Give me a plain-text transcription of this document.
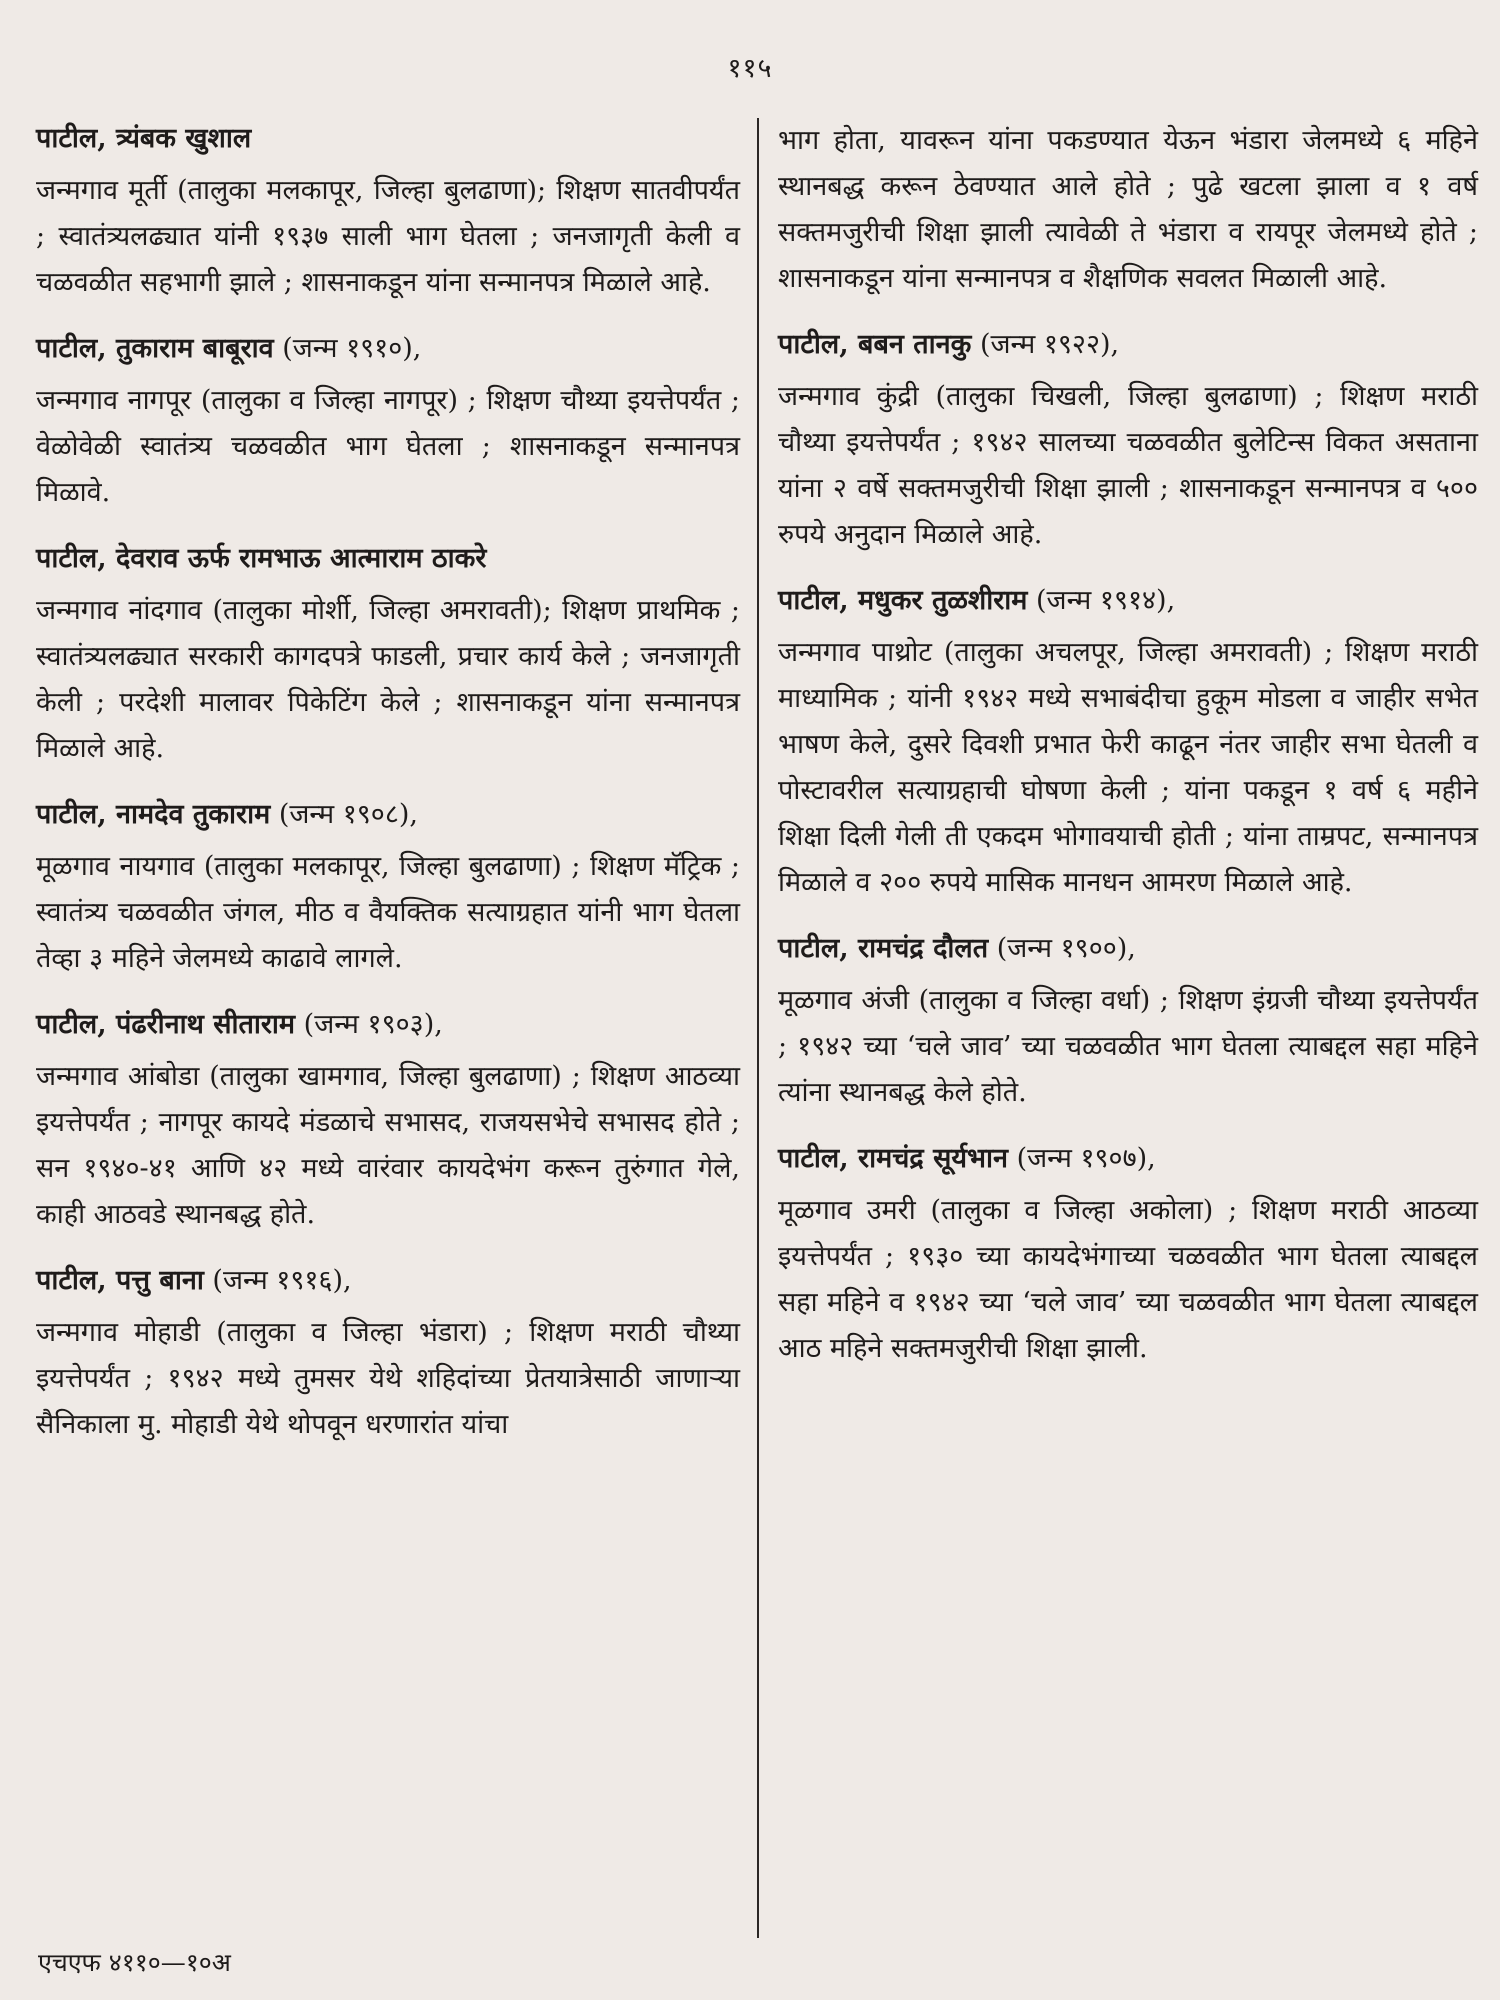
११५
पाटील, त्र्यंबक खुशाल
जन्मगाव मूर्ती (तालुका मलकापूर, जिल्हा बुलढाणा); शिक्षण सातवीपर्यंत ; स्वातंत्र्यलढ्यात यांनी १९३७ साली भाग घेतला ; जनजागृती केली व चळवळीत सहभागी झाले ; शासनाकडून यांना सन्मानपत्र मिळाले आहे.
पाटील, तुकाराम बाबूराव (जन्म १९१०),
जन्मगाव नागपूर (तालुका व जिल्हा नागपूर) ; शिक्षण चौथ्या इयत्तेपर्यंत ; वेळोवेळी स्वातंत्र्य चळवळीत भाग घेतला ; शासनाकडून सन्मानपत्र मिळावे.
पाटील, देवराव ऊर्फ रामभाऊ आत्माराम ठाकरे
जन्मगाव नांदगाव (तालुका मोर्शी, जिल्हा अमरावती); शिक्षण प्राथमिक ; स्वातंत्र्यलढ्यात सरकारी कागदपत्रे फाडली, प्रचार कार्य केले ; जनजागृती केली ; परदेशी मालावर पिकेटिंग केले ; शासनाकडून यांना सन्मानपत्र मिळाले आहे.
पाटील, नामदेव तुकाराम (जन्म १९०८),
मूळगाव नायगाव (तालुका मलकापूर, जिल्हा बुलढाणा) ; शिक्षण मॅट्रिक ; स्वातंत्र्य चळवळीत जंगल, मीठ व वैयक्तिक सत्याग्रहात यांनी भाग घेतला तेव्हा ३ महिने जेलमध्ये काढावे लागले.
पाटील, पंढरीनाथ सीताराम (जन्म १९०३),
जन्मगाव आंबोडा (तालुका खामगाव, जिल्हा बुलढाणा) ; शिक्षण आठव्या इयत्तेपर्यंत ; नागपूर कायदे मंडळाचे सभासद, राजयसभेचे सभासद होते ; सन १९४०-४१ आणि ४२ मध्ये वारंवार कायदेभंग करून तुरुंगात गेले, काही आठवडे स्थानबद्ध होते.
पाटील, पत्तु बाना (जन्म १९१६),
जन्मगाव मोहाडी (तालुका व जिल्हा भंडारा) ; शिक्षण मराठी चौथ्या इयत्तेपर्यंत ; १९४२ मध्ये तुमसर येथे शहिदांच्या प्रेतयात्रेसाठी जाणाऱ्या सैनिकाला मु. मोहाडी येथे थोपवून धरणारांत यांचा
भाग होता, यावरून यांना पकडण्यात येऊन भंडारा जेलमध्ये ६ महिने स्थानबद्ध करून ठेवण्यात आले होते ; पुढे खटला झाला व १ वर्ष सक्तमजुरीची शिक्षा झाली त्यावेळी ते भंडारा व रायपूर जेलमध्ये होते ; शासनाकडून यांना सन्मानपत्र व शैक्षणिक सवलत मिळाली आहे.
पाटील, बबन तानकु (जन्म १९२२),
जन्मगाव कुंद्री (तालुका चिखली, जिल्हा बुलढाणा) ; शिक्षण मराठी चौथ्या इयत्तेपर्यंत ; १९४२ सालच्या चळवळीत बुलेटिन्स विकत असताना यांना २ वर्षे सक्तमजुरीची शिक्षा झाली ; शासनाकडून सन्मानपत्र व ५०० रुपये अनुदान मिळाले आहे.
पाटील, मधुकर तुळशीराम (जन्म १९१४),
जन्मगाव पाथ्रोट (तालुका अचलपूर, जिल्हा अमरावती) ; शिक्षण मराठी माध्यामिक ; यांनी १९४२ मध्ये सभाबंदीचा हुकूम मोडला व जाहीर सभेत भाषण केले, दुसरे दिवशी प्रभात फेरी काढून नंतर जाहीर सभा घेतली व पोस्टावरील सत्याग्रहाची घोषणा केली ; यांना पकडून १ वर्ष ६ महीने शिक्षा दिली गेली ती एकदम भोगावयाची होती ; यांना ताम्रपट, सन्मानपत्र मिळाले व २०० रुपये मासिक मानधन आमरण मिळाले आहे.
पाटील, रामचंद्र दौलत (जन्म १९००),
मूळगाव अंजी (तालुका व जिल्हा वर्धा) ; शिक्षण इंग्रजी चौथ्या इयत्तेपर्यंत ; १९४२ च्या ‘चले जाव’ च्या चळवळीत भाग घेतला त्याबद्दल सहा महिने त्यांना स्थानबद्ध केले होते.
पाटील, रामचंद्र सूर्यभान (जन्म १९०७),
मूळगाव उमरी (तालुका व जिल्हा अकोला) ; शिक्षण मराठी आठव्या इयत्तेपर्यंत ; १९३० च्या कायदेभंगाच्या चळवळीत भाग घेतला त्याबद्दल सहा महिने व १९४२ च्या ‘चले जाव’ च्या चळवळीत भाग घेतला त्याबद्दल आठ महिने सक्तमजुरीची शिक्षा झाली.
एचएफ ४११०—१०अ
